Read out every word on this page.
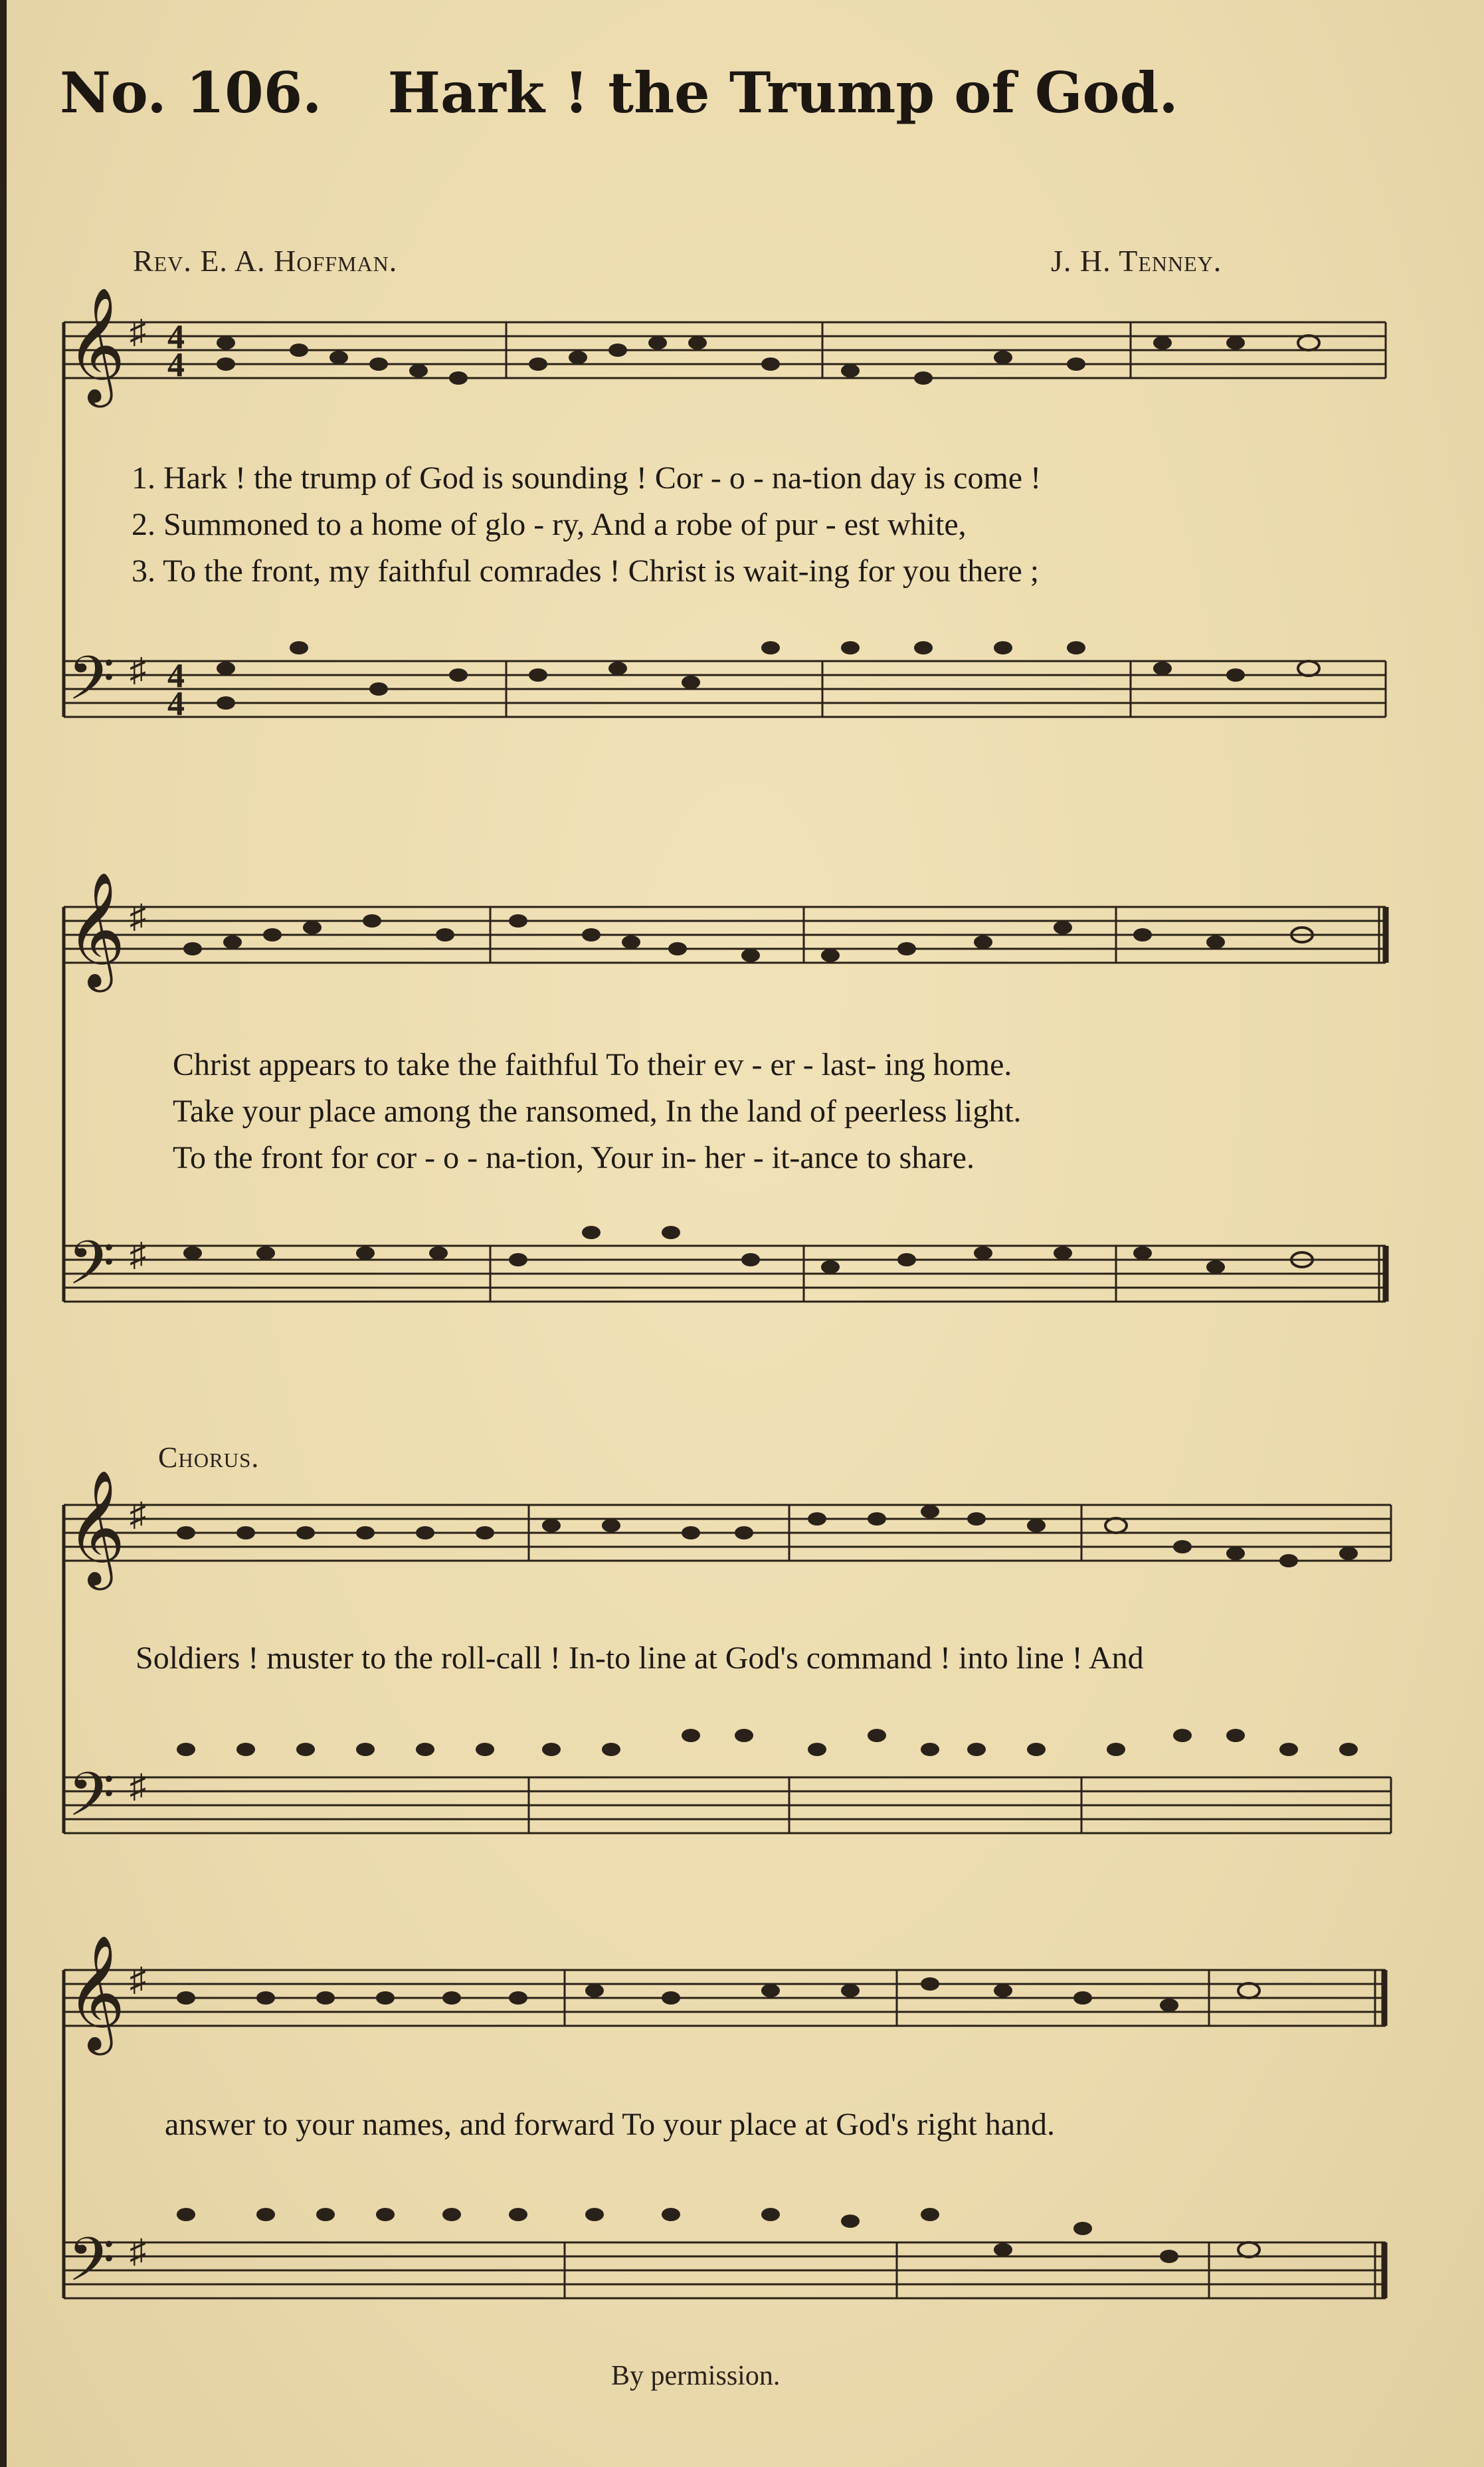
No. 106. Hark ! the Trump of God.
Rev. E. A. Hoffman.	J. H. Tenney.
𝄞
𝄢
♯
♯
4
4
4
4
1. Hark ! the trump of God is sounding ! Cor - o - na-tion day is come !
2. Summoned to a home of glo - ry, And a robe of pur - est white,
3. To the front, my faithful comrades ! Christ is wait-ing for you there ;
𝄞
𝄢
♯
♯
Christ appears to take the faithful To their ev - er - last- ing home.
Take your place among the ransomed, In the land of peerless light.
To the front for cor - o - na-tion, Your in- her - it-ance to share.
Chorus.
𝄞
𝄢
♯
♯
Soldiers ! muster to the roll-call ! In-to line at God's command ! into line ! And
𝄞
𝄢
♯
♯
answer to your names, and forward To your place at God's right hand.
By permission.
